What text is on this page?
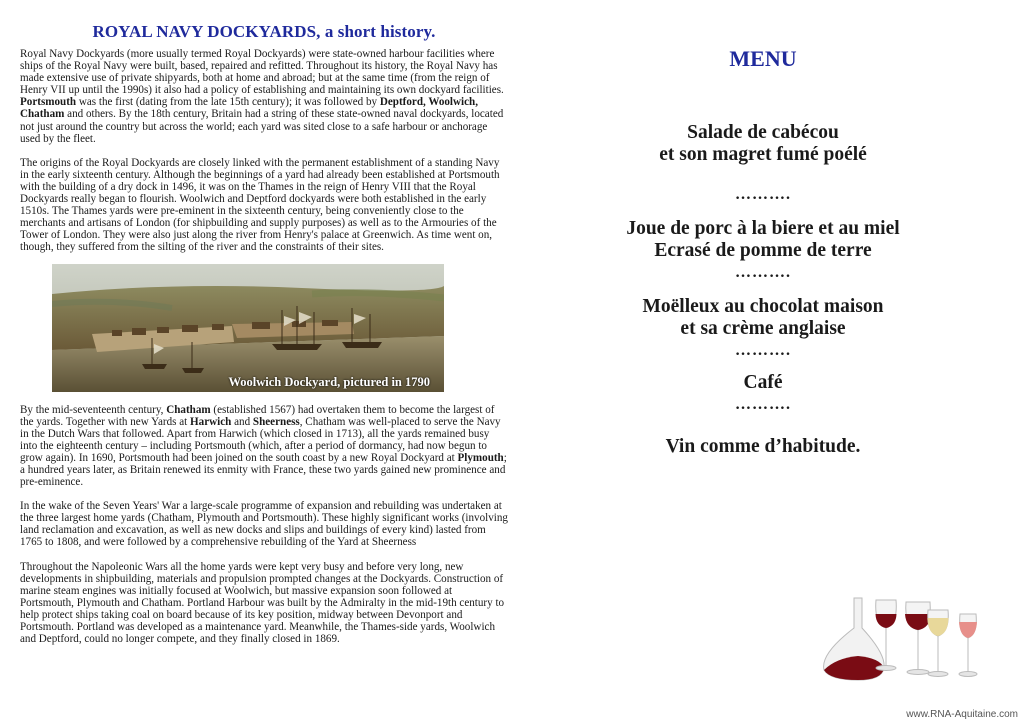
ROYAL NAVY DOCKYARDS, a short history.

Royal Navy Dockyards (more usually termed Royal Dockyards) were state-owned harbour facilities where ships of the Royal Navy were built, based, repaired and refitted. Throughout its history, the Royal Navy has made extensive use of private shipyards, both at home and abroad; but at the same time (from the reign of Henry VII up until the 1990s) it also had a policy of establishing and maintaining its own dockyard facilities. Portsmouth was the first (dating from the late 15th century); it was followed by Deptford, Woolwich, Chatham and others. By the 18th century, Britain had a string of these state-owned naval dockyards, located not just around the country but across the world; each yard was sited close to a safe harbour or anchorage used by the fleet.

The origins of the Royal Dockyards are closely linked with the permanent establishment of a standing Navy in the early sixteenth century. Although the beginnings of a yard had already been established at Portsmouth with the building of a dry dock in 1496, it was on the Thames in the reign of Henry VIII that the Royal Dockyards really began to flourish. Woolwich and Deptford dockyards were both established in the early 1510s. The Thames yards were pre-eminent in the sixteenth century, being conveniently close to the merchants and artisans of London (for shipbuilding and supply purposes) as well as to the Armouries of the Tower of London. They were also just along the river from Henry's palace at Greenwich. As time went on, though, they suffered from the silting of the river and the constraints of their sites.

Woolwich Dockyard, pictured in 1790

By the mid-seventeenth century, Chatham (established 1567) had overtaken them to become the largest of the yards. Together with new Yards at Harwich and Sheerness, Chatham was well-placed to serve the Navy in the Dutch Wars that followed. Apart from Harwich (which closed in 1713), all the yards remained busy into the eighteenth century – including Portsmouth (which, after a period of dormancy, had now begun to grow again). In 1690, Portsmouth had been joined on the south coast by a new Royal Dockyard at Plymouth; a hundred years later, as Britain renewed its enmity with France, these two yards gained new prominence and pre-eminence.

In the wake of the Seven Years' War a large-scale programme of expansion and rebuilding was undertaken at the three largest home yards (Chatham, Plymouth and Portsmouth). These highly significant works (involving land reclamation and excavation, as well as new docks and slips and buildings of every kind) lasted from 1765 to 1808, and were followed by a comprehensive rebuilding of the Yard at Sheerness

Throughout the Napoleonic Wars all the home yards were kept very busy and before very long, new developments in shipbuilding, materials and propulsion prompted changes at the Dockyards. Construction of marine steam engines was initially focused at Woolwich, but massive expansion soon followed at Portsmouth, Plymouth and Chatham. Portland Harbour was built by the Admiralty in the mid-19th century to help protect ships taking coal on board because of its key position, midway between Devonport and Portsmouth. Portland was developed as a maintenance yard. Meanwhile, the Thames-side yards, Woolwich and Deptford, could no longer compete, and they finally closed in 1869.

MENU
Salade de cabécou
et son magret fumé poélé
……….
Joue de porc à la biere et au miel
Ecrasé de pomme de terre
……….
Moëlleux au chocolat maison
et sa crème anglaise
……….
Café
……….
Vin comme d’habitude.
www.RNA-Aquitaine.com
